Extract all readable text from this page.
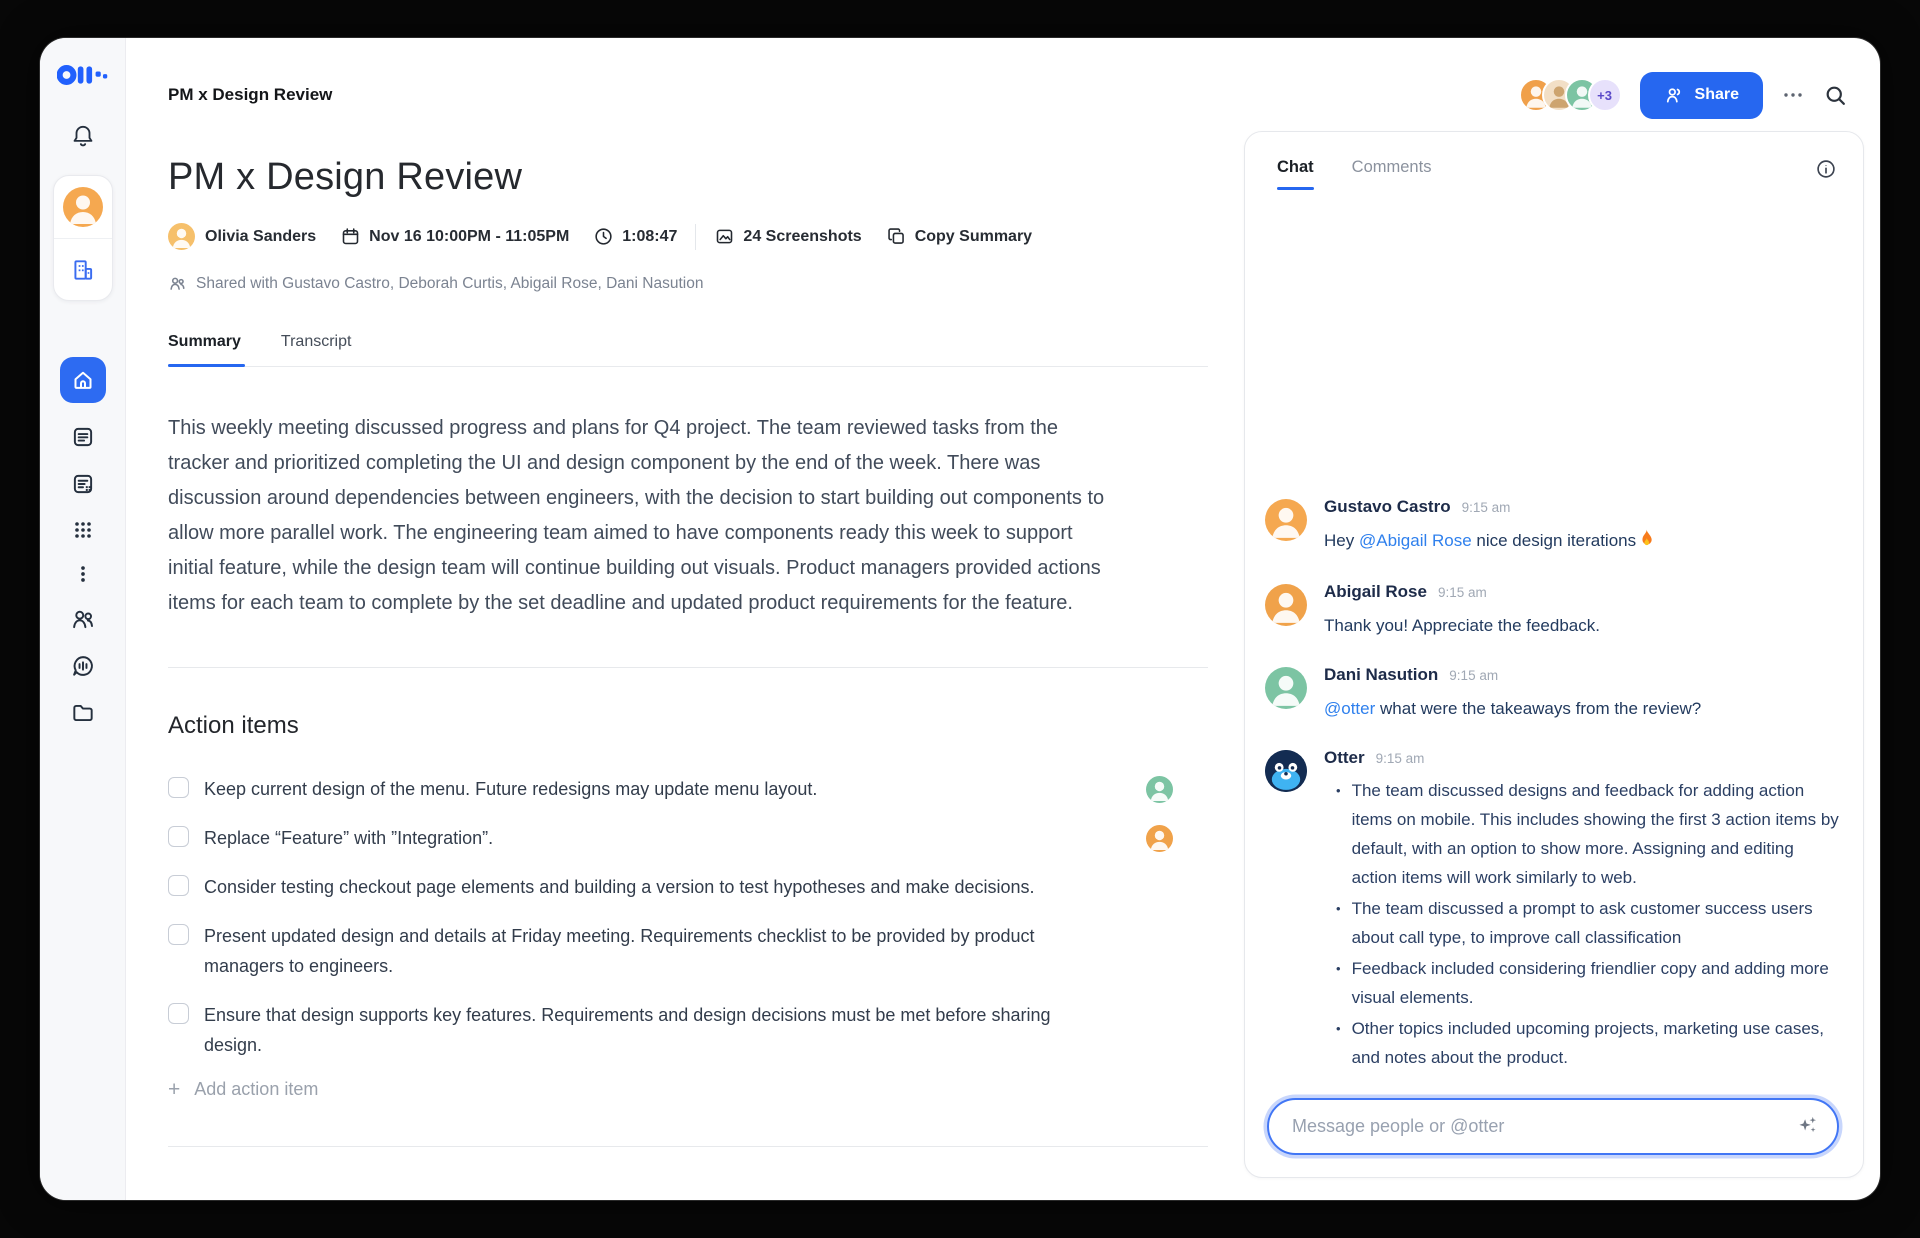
PM x Design Review	+3	Share
PM x Design Review
Olivia Sanders	Nov 16 10:00PM - 11:05PM	1:08:47	24 Screenshots	Copy Summary
Shared with Gustavo Castro, Deborah Curtis, Abigail Rose, Dani Nasution
Summary	Transcript

This weekly meeting discussed progress and plans for Q4 project. The team reviewed tasks from the tracker and prioritized completing the UI and design component by the end of the week. There was discussion around dependencies between engineers, with the decision to start building out components to allow more parallel work. The engineering team aimed to have components ready this week to support initial feature, while the design team will continue building out visuals. Product managers provided actions items for each team to complete by the set deadline and updated product requirements for the feature.

Action items
Keep current design of the menu. Future redesigns may update menu layout.
Replace “Feature” with ”Integration”.
Consider testing checkout page elements and building a version to test hypotheses and make decisions.
Present updated design and details at Friday meeting. Requirements checklist to be provided by product managers to engineers.
Ensure that design supports key features. Requirements and design decisions must be met before sharing design.
+ Add action item
Chat Comments
Gustavo Castro 9:15 am
Hey @Abigail Rose nice design iterations
Abigail Rose 9:15 am
Thank you! Appreciate the feedback.
Dani Nasution 9:15 am
@otter what were the takeaways from the review?
Otter 9:15 am
• The team discussed designs and feedback for adding action items on mobile. This includes showing the first 3 action items by default, with an option to show more. Assigning and editing action items will work similarly to web.
• The team discussed a prompt to ask customer success users about call type, to improve call classification
• Feedback included considering friendlier copy and adding more visual elements.
• Other topics included upcoming projects, marketing use cases, and notes about the product.
Message people or @otter
